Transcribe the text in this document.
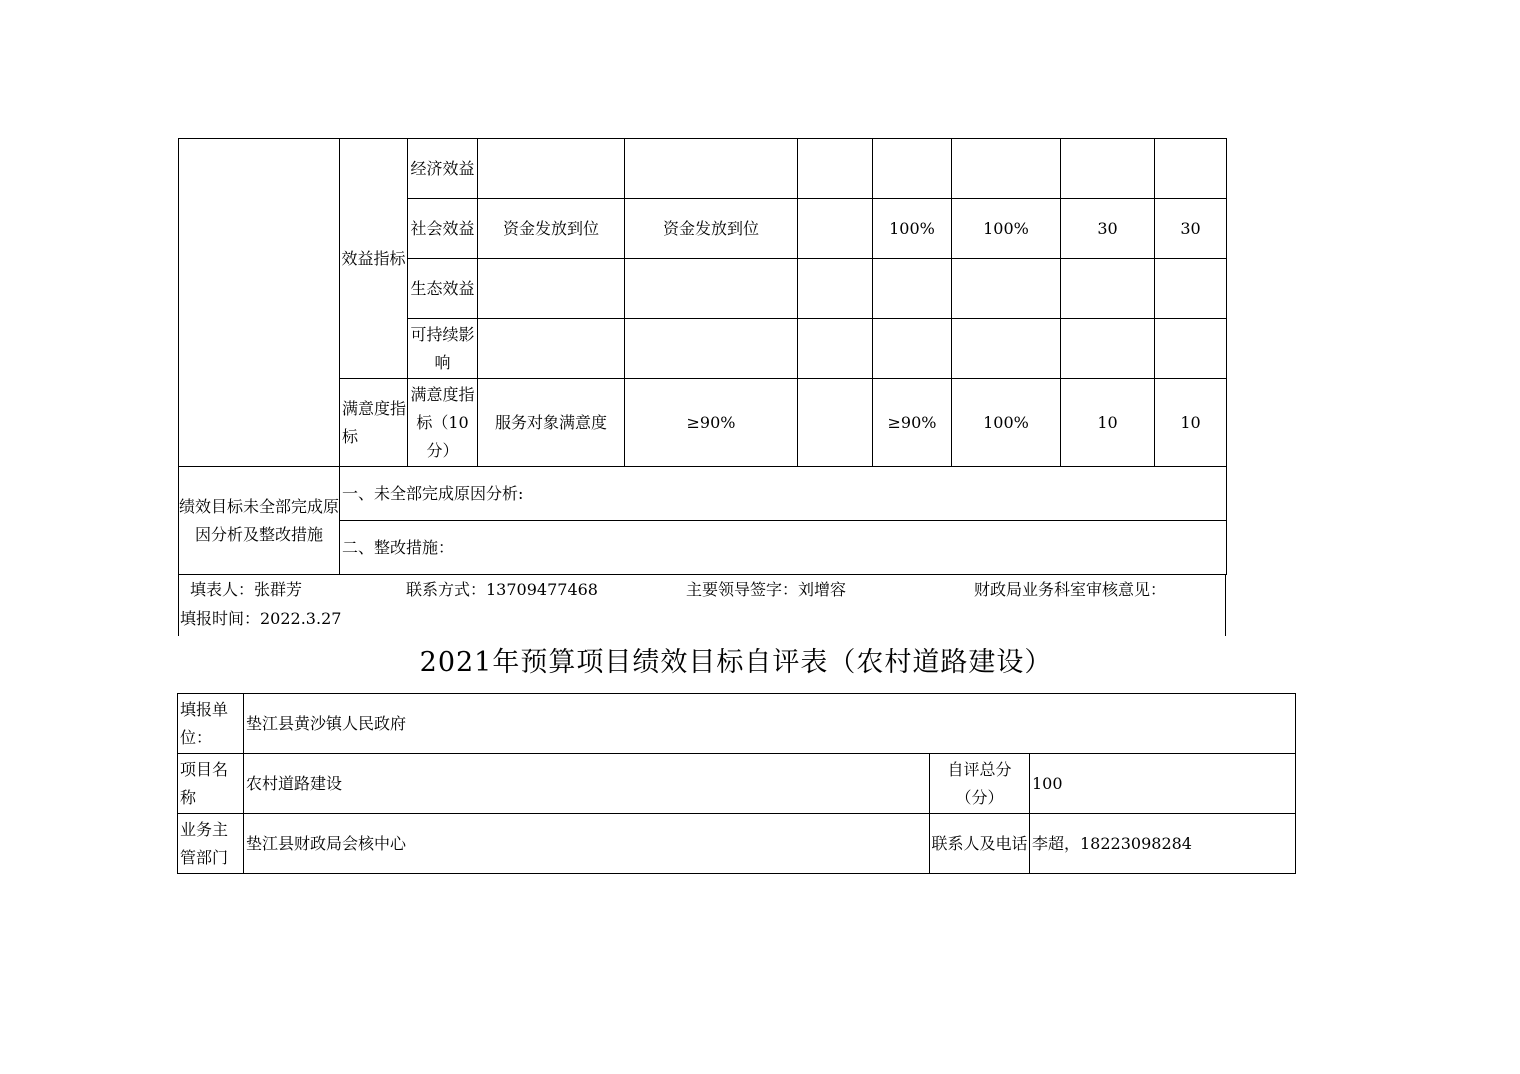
	效益指标	经济效益							
		社会效益	资金发放到位	资金发放到位		100%	100%	30	30
		生态效益							
		可持续影响							
	满意度指标	满意度指标（10分）	服务对象满意度	≥90%		≥90%	100%	10	10
绩效目标未全部完成原因分析及整改措施	一、未全部完成原因分析:								
	二、整改措施：								
填表人：张群芳	联系方式：13709477468	主要领导签字：刘增容	财政局业务科室审核意见：
填报时间：2022.3.27
2021年预算项目绩效目标自评表（农村道路建设）
填报单位：	垫江县黄沙镇人民政府		
项目名称	农村道路建设	自评总分（分）	100
业务主管部门	垫江县财政局会核中心	联系人及电话	李超，18223098284
